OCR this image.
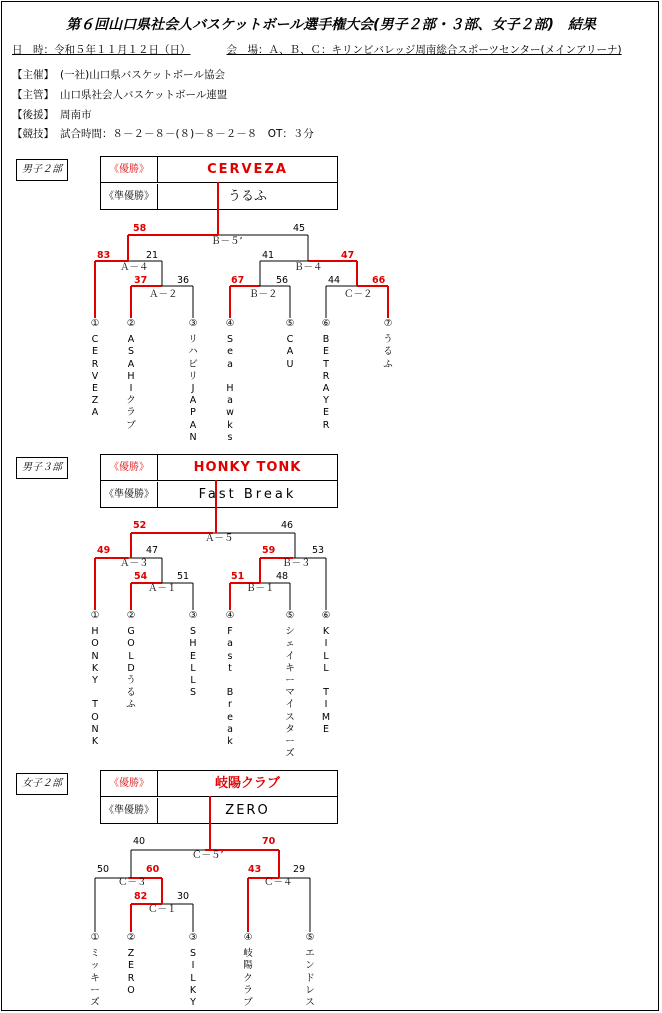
第６回山口県社会人バスケットボール選手権大会(男子２部・３部、女子２部)　結果
日　時：令和５年１１月１２日（日）	会　場：Ａ、Ｂ、Ｃ：キリンビバレッジ周南総合スポーツセンター(メインアリーナ)
【主催】 (一社)山口県バスケットボール協会
【主管】 山口県社会人バスケットボール連盟
【後援】 周南市
【競技】 試合時間：８－２－８－(８)－８－２－８　OT：３分
男子２部	《優勝》	CERVEZA
《準優勝》	うるふ
男子３部	《優勝》	HONKY TONK
《準優勝》	Fast Break
女子２部	《優勝》	岐陽クラブ
《準優勝》	ZERO
①
C
E
R
V
E
Z
A
②
A
S
A
H
I
ク
ラ
ブ
③
リ
ハ
ビ
リ
J
A
P
A
N
④
S
e
a

H
a
w
k
s
⑤
C
A
U
⑥
B
E
T
R
A
Y
E
R
⑦
う
る
ふ
Ａ－２
37	36
Ａ－４
83	21
Ｂ－２
67	56
Ｃ－２
44	66
Ｂ－４
41	47
Ｂ－５’
58	45
①
H
O
N
K
Y

T
O
N
K
②
G
O
L
D
う
る
ふ
③
S
H
E
L
L
S
④
F
a
s
t

B
r
e
a
k
⑤
シ
ェ
イ
キ
ー
マ
イ
ス
タ
ー
ズ
⑥
K
I
L
L

T
I
M
E
Ａ－１
54	51
Ａ－３
49	47
Ｂ－１
51	48
Ｂ－３
59	53
Ａ－５
52	46
①
ミ
ッ
キ
ー
ズ
②
Z
E
R
O
③
S
I
L
K
Y
④
岐
陽
ク
ラ
ブ
⑤
エ
ン
ド
レ
ス
Ｃ－１
82	30
Ｃ－３
50	60
Ｃ－４
43	29
Ｃ－５’
40	70
